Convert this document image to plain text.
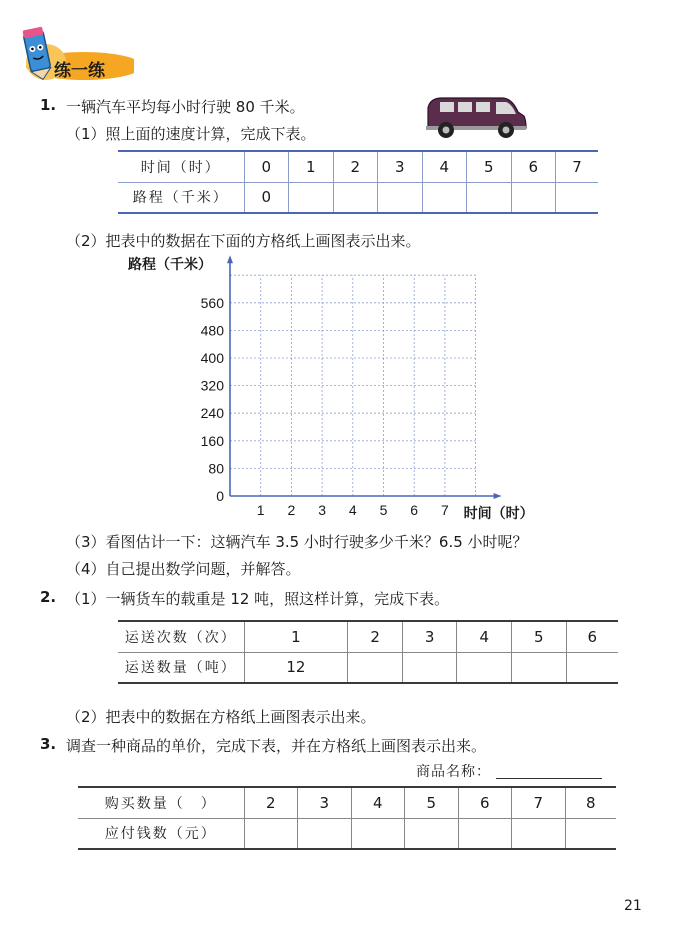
练一练
1. 一辆汽车平均每小时行驶 80 千米。
（1）照上面的速度计算，完成下表。
时间（时）	0	1	2	3	4	5	6	7
路程（千米）	0							
（2）把表中的数据在下面的方格纸上画图表示出来。
1 2 3 4 5 6 7
0
80
160
240
320
400
480
560
路程（千米）
时间（时）
（3）看图估计一下：这辆汽车 3.5 小时行驶多少千米？6.5 小时呢？
（4）自己提出数学问题，并解答。
2. （1）一辆货车的载重是 12 吨，照这样计算，完成下表。
运送次数（次）	1	2	3	4	5	6
运送数量（吨）	12					
（2）把表中的数据在方格纸上画图表示出来。
3. 调查一种商品的单价，完成下表，并在方格纸上画图表示出来。
商品名称：
购买数量（　）	2	3	4	5	6	7	8
应付钱数（元）							
21
